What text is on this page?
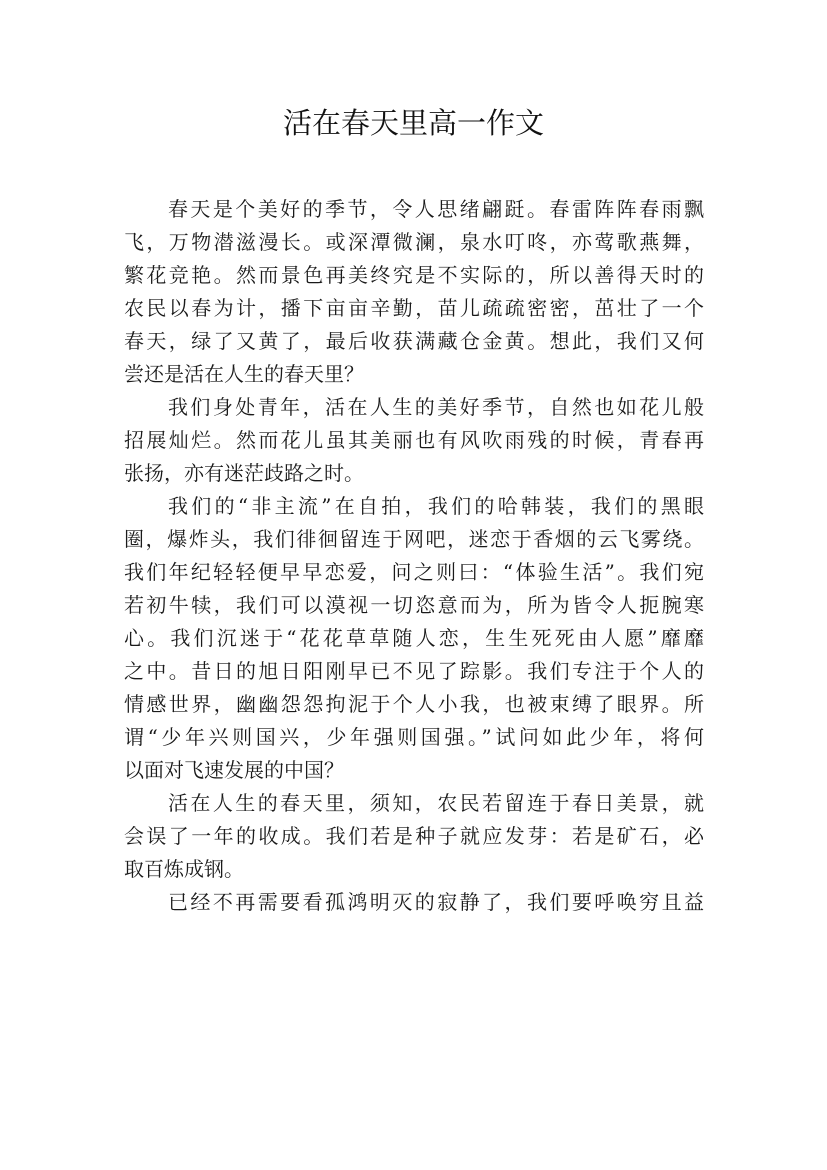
活在春天里高一作文
春天是个美好的季节，令人思绪翩跹。春雷阵阵春雨飘
飞，万物潜滋漫长。或深潭微澜，泉水叮咚，亦莺歌燕舞，
繁花竞艳。然而景色再美终究是不实际的，所以善得天时的
农民以春为计，播下亩亩辛勤，苗儿疏疏密密，茁壮了一个
春天，绿了又黄了，最后收获满藏仓金黄。想此，我们又何
尝还是活在人生的春天里？
我们身处青年，活在人生的美好季节，自然也如花儿般
招展灿烂。然而花儿虽其美丽也有风吹雨残的时候，青春再
张扬，亦有迷茫歧路之时。
我们的“非主流”在自拍，我们的哈韩装，我们的黑眼
圈，爆炸头，我们徘徊留连于网吧，迷恋于香烟的云飞雾绕。
我们年纪轻轻便早早恋爱，问之则曰：“体验生活”。我们宛
若初牛犊，我们可以漠视一切恣意而为，所为皆令人扼腕寒
心。我们沉迷于“花花草草随人恋，生生死死由人愿”靡靡
之中。昔日的旭日阳刚早已不见了踪影。我们专注于个人的
情感世界，幽幽怨怨拘泥于个人小我，也被束缚了眼界。所
谓“少年兴则国兴，少年强则国强。”试问如此少年，将何
以面对飞速发展的中国？
活在人生的春天里，须知，农民若留连于春日美景，就
会误了一年的收成。我们若是种子就应发芽：若是矿石，必
取百炼成钢。
已经不再需要看孤鸿明灭的寂静了，我们要呼唤穷且益
